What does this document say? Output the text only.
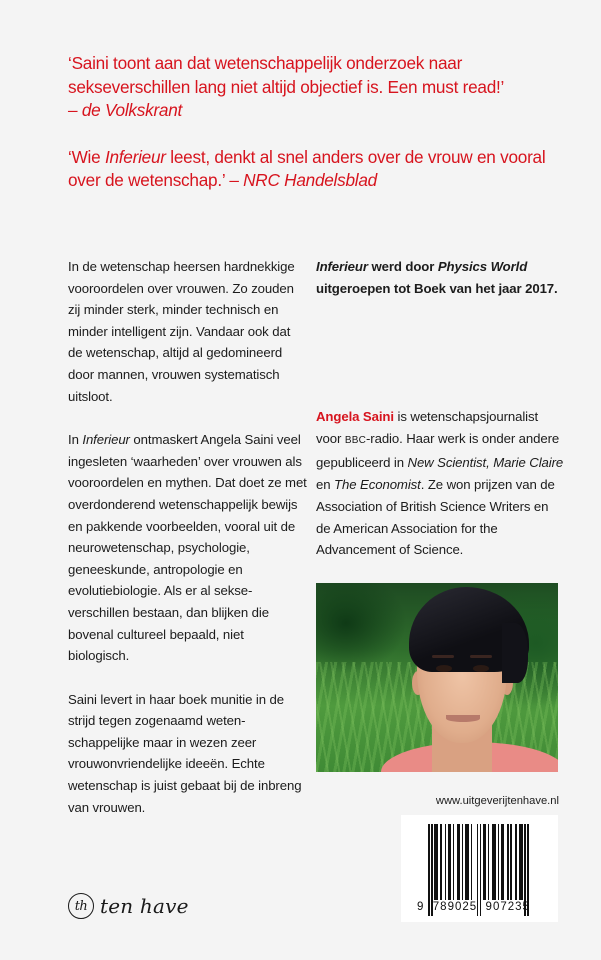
‘Saini toont aan dat wetenschappelijk onderzoek naar sekseverschillen lang niet altijd objectief is. Een must read!’
– de Volkskrant

‘Wie Inferieur leest, denkt al snel anders over de vrouw en vooral over de wetenschap.’ – NRC Handelsblad

In de wetenschap heersen hardnekkige vooroordelen over vrouwen. Zo zouden zij minder sterk, minder technisch en minder intelligent zijn. Vandaar ook dat de wetenschap, altijd al gedomineerd door mannen, vrouwen systematisch uitsloot.

In Inferieur ontmaskert Angela Saini veel ingesleten ‘waarheden’ over vrouwen als vooroordelen en mythen. Dat doet ze met overdonderend wetenschappelijk bewijs en pakkende voorbeelden, vooral uit de neurowetenschap, psychologie, geneeskunde, antropologie en evolutiebiologie. Als er al sekseverschillen bestaan, dan blijken die bovenal cultureel bepaald, niet biologisch.

Saini levert in haar boek munitie in de strijd tegen zogenaamd wetenschappelijke maar in wezen zeer vrouwonvriendelijke ideeën. Echte wetenschap is juist gebaat bij de inbreng van vrouwen.

Inferieur werd door Physics World uitgeroepen tot Boek van het jaar 2017.

Angela Saini is wetenschapsjournalist voor BBC-radio. Haar werk is onder andere gepubliceerd in New Scientist, Marie Claire en The Economist. Ze won prijzen van de Association of British Science Writers en de American Association for the Advancement of Science.

www.uitgeverijtenhave.nl
9  789025  907235
th ten have
